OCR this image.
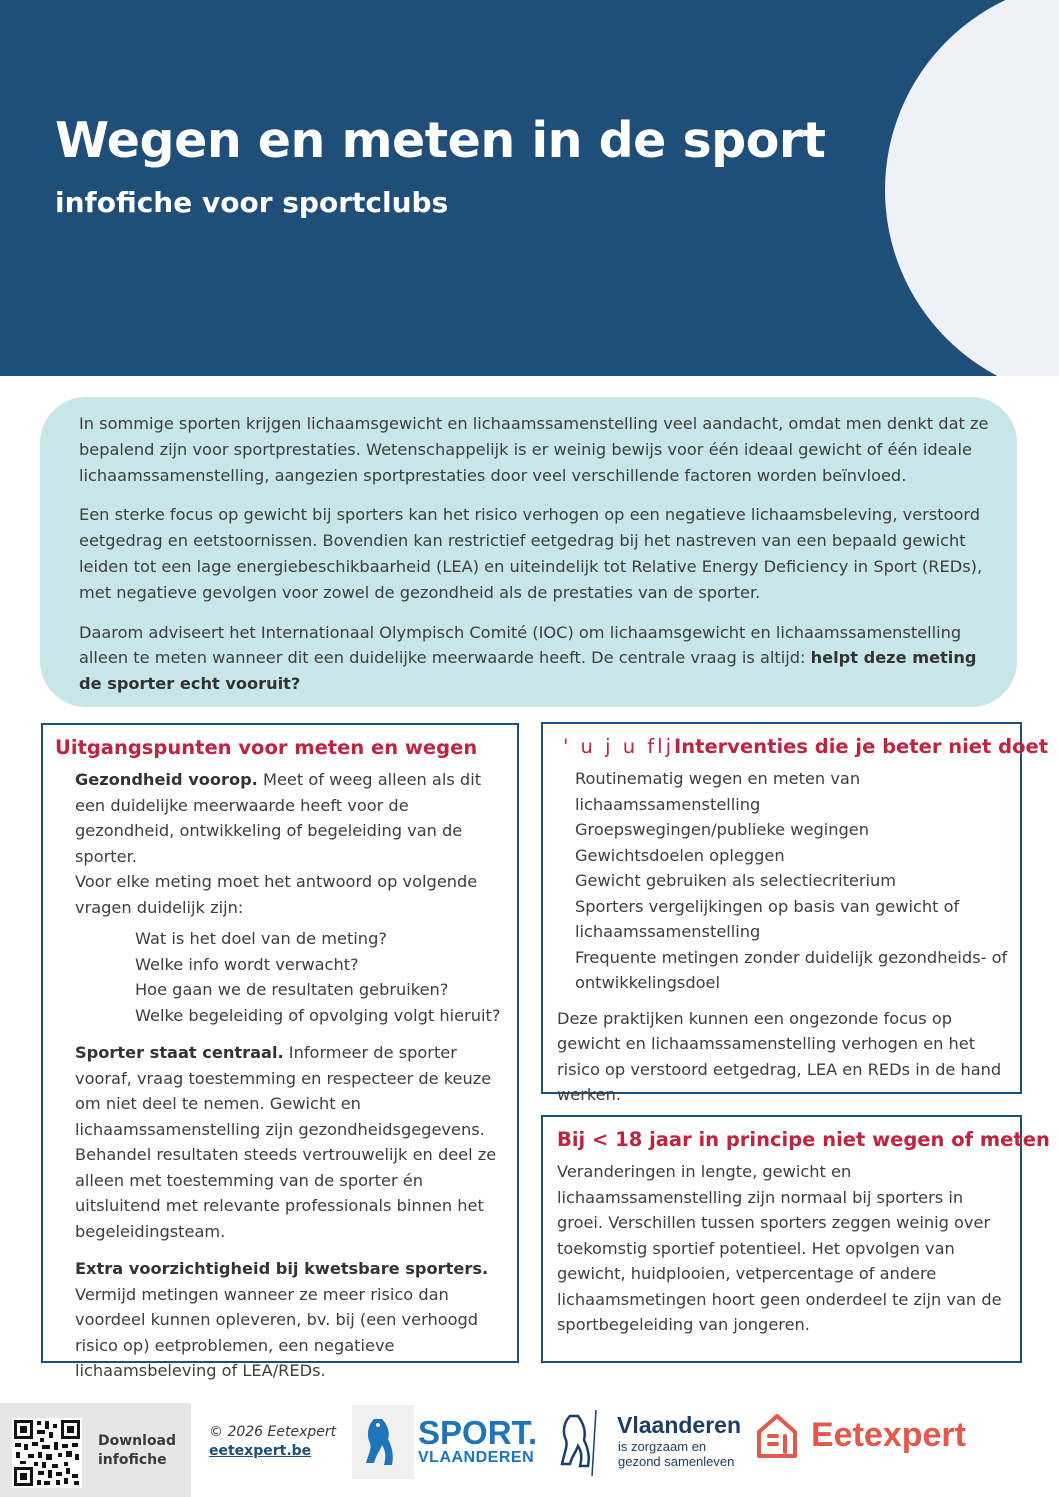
Wegen en meten in de sport
infofiche voor sportclubs

In sommige sporten krijgen lichaamsgewicht en lichaamssamenstelling veel aandacht, omdat men denkt dat ze bepalend zijn voor sportprestaties. Wetenschappelijk is er weinig bewijs voor één ideaal gewicht of één ideale lichaamssamenstelling, aangezien sportprestaties door veel verschillende factoren worden beïnvloed.

Een sterke focus op gewicht bij sporters kan het risico verhogen op een negatieve lichaamsbeleving, verstoord eetgedrag en eetstoornissen. Bovendien kan restrictief eetgedrag bij het nastreven van een bepaald gewicht leiden tot een lage energiebeschikbaarheid (LEA) en uiteindelijk tot Relative Energy Deficiency in Sport (REDs), met negatieve gevolgen voor zowel de gezondheid als de prestaties van de sporter.

Daarom adviseert het Internationaal Olympisch Comité (IOC) om lichaamsgewicht en lichaamssamenstelling alleen te meten wanneer dit een duidelijke meerwaarde heeft. De centrale vraag is altijd: helpt deze meting de sporter echt vooruit?

Uitgangspunten voor meten en wegen

Gezondheid voorop. Meet of weeg alleen als dit een duidelijke meerwaarde heeft voor de gezondheid, ontwikkeling of begeleiding van de sporter.

Voor elke meting moet het antwoord op volgende vragen duidelijk zijn:

Wat is het doel van de meting?
Welke info wordt verwacht?
Hoe gaan we de resultaten gebruiken?
Welke begeleiding of opvolging volgt hieruit?

Sporter staat centraal. Informeer de sporter vooraf, vraag toestemming en respecteer de keuze om niet deel te nemen. Gewicht en lichaamssamenstelling zijn gezondheidsgegevens. Behandel resultaten steeds vertrouwelijk en deel ze alleen met toestemming van de sporter én uitsluitend met relevante professionals binnen het begeleidingsteam.

Extra voorzichtigheid bij kwetsbare sporters. Vermijd metingen wanneer ze meer risico dan voordeel kunnen opleveren, bv. bij (een verhoogd risico op) eetproblemen, een negatieve lichaamsbeleving of LEA/REDs.

' u j u fljInterventies die je beter niet doet
Routinematig wegen en meten van lichaamssamenstelling
Groepswegingen/publieke wegingen
Gewichtsdoelen opleggen
Gewicht gebruiken als selectiecriterium
Sporters vergelijkingen op basis van gewicht of lichaamssamenstelling
Frequente metingen zonder duidelijk gezondheids- of ontwikkelingsdoel

Deze praktijken kunnen een ongezonde focus op gewicht en lichaamssamenstelling verhogen en het risico op verstoord eetgedrag, LEA en REDs in de hand werken.

Bij < 18 jaar in principe niet wegen of meten

Veranderingen in lengte, gewicht en lichaamssamenstelling zijn normaal bij sporters in groei. Verschillen tussen sporters zeggen weinig over toekomstig sportief potentieel. Het opvolgen van gewicht, huidplooien, vetpercentage of andere lichaamsmetingen hoort geen onderdeel te zijn van de sportbegeleiding van jongeren.

Download
infofiche
© 2026 Eetexpert
eetexpert.be	SPORT.
VLAANDEREN
Vlaanderen
is zorgzaam en
gezond samenleven
Eetexpert
